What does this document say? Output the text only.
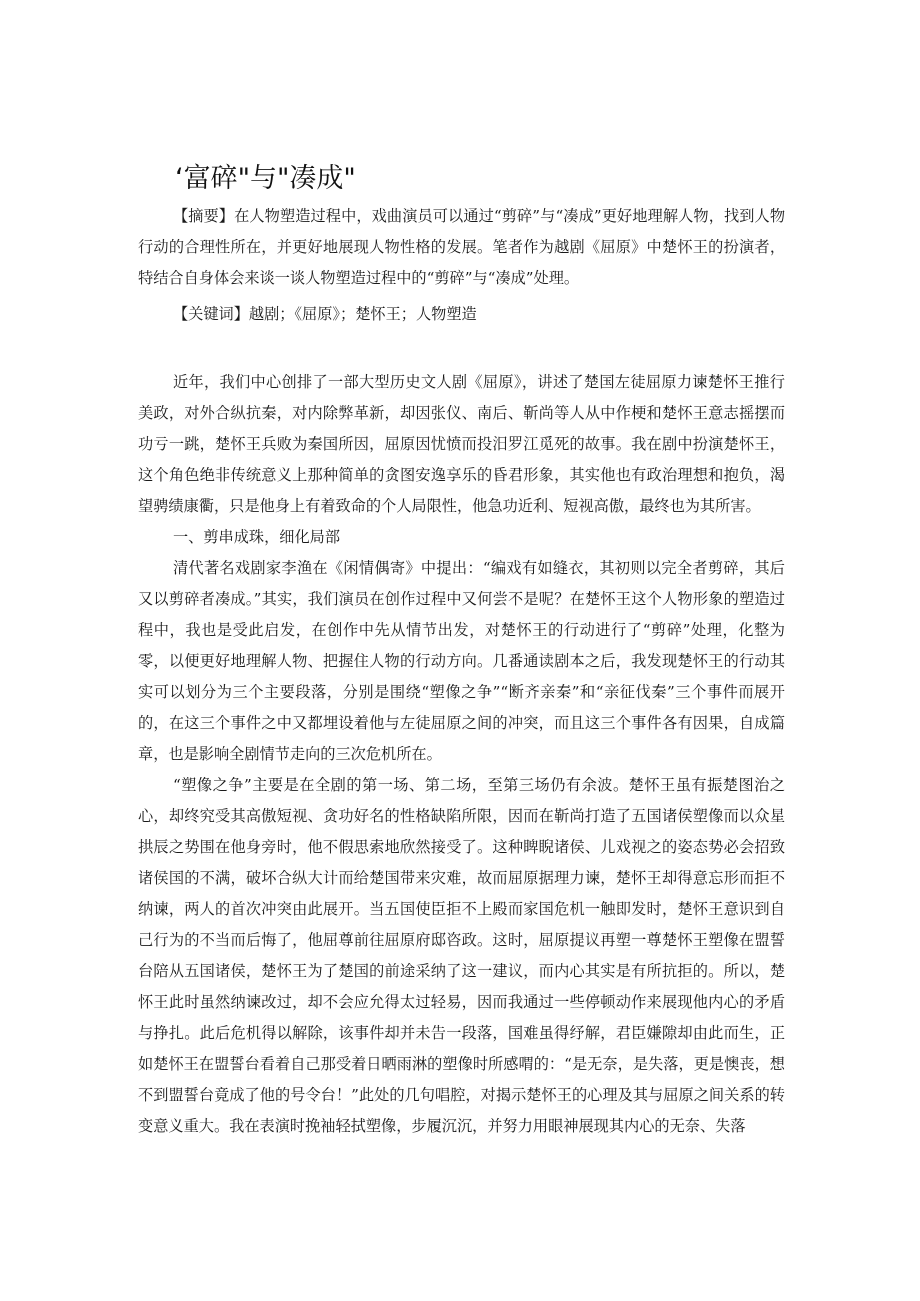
‘富碎"与"凑成"

【摘要】在人物塑造过程中，戏曲演员可以通过“剪碎”与“凑成”更好地理解人物，找到人物行动的合理性所在，并更好地展现人物性格的发展。笔者作为越剧《屈原》中楚怀王的扮演者，特结合自身体会来谈一谈人物塑造过程中的“剪碎”与“凑成”处理。

【关键词】越剧；《屈原》；楚怀王；人物塑造

近年，我们中心创排了一部大型历史文人剧《屈原》，讲述了楚国左徒屈原力谏楚怀王推行美政，对外合纵抗秦，对内除弊革新，却因张仪、南后、靳尚等人从中作梗和楚怀王意志摇摆而功亏一跳，楚怀王兵败为秦国所因，屈原因忧愤而投汨罗江觅死的故事。我在剧中扮演楚怀王，这个角色绝非传统意义上那种简单的贪图安逸享乐的昏君形象，其实他也有政治理想和抱负，渴望骋绩康衢，只是他身上有着致命的个人局限性，他急功近利、短视高傲，最终也为其所害。

一、剪串成珠，细化局部

清代著名戏剧家李渔在《闲情偶寄》中提出：“编戏有如缝衣，其初则以完全者剪碎，其后又以剪碎者凑成。”其实，我们演员在创作过程中又何尝不是呢？在楚怀王这个人物形象的塑造过程中，我也是受此启发，在创作中先从情节出发，对楚怀王的行动进行了“剪碎”处理，化整为零，以便更好地理解人物、把握住人物的行动方向。几番通读剧本之后，我发现楚怀王的行动其实可以划分为三个主要段落，分别是围绕“塑像之争”“断齐亲秦”和“亲征伐秦”三个事件而展开的，在这三个事件之中又都埋设着他与左徒屈原之间的冲突，而且这三个事件各有因果，自成篇章，也是影响全剧情节走向的三次危机所在。

“塑像之争”主要是在全剧的第一场、第二场，至第三场仍有余波。楚怀王虽有振楚图治之心，却终究受其高傲短视、贪功好名的性格缺陷所限，因而在靳尚打造了五国诸侯塑像而以众星拱辰之势围在他身旁时，他不假思索地欣然接受了。这种睥睨诸侯、儿戏视之的姿态势必会招致诸侯国的不满，破坏合纵大计而给楚国带来灾难，故而屈原据理力谏，楚怀王却得意忘形而拒不纳谏，两人的首次冲突由此展开。当五国使臣拒不上殿而家国危机一触即发时，楚怀王意识到自己行为的不当而后悔了，他屈尊前往屈原府邸咨政。这时，屈原提议再塑一尊楚怀王塑像在盟誓台陪从五国诸侯，楚怀王为了楚国的前途采纳了这一建议，而内心其实是有所抗拒的。所以，楚怀王此时虽然纳谏改过，却不会应允得太过轻易，因而我通过一些停顿动作来展现他内心的矛盾与挣扎。此后危机得以解除，该事件却并未告一段落，国难虽得纾解，君臣嫌隙却由此而生，正如楚怀王在盟誓台看着自己那受着日晒雨淋的塑像时所感喟的：“是无奈，是失落，更是懊丧，想不到盟誓台竟成了他的号令台！”此处的几句唱腔，对揭示楚怀王的心理及其与屈原之间关系的转变意义重大。我在表演时挽袖轻拭塑像，步履沉沉，并努力用眼神展现其内心的无奈、失落
